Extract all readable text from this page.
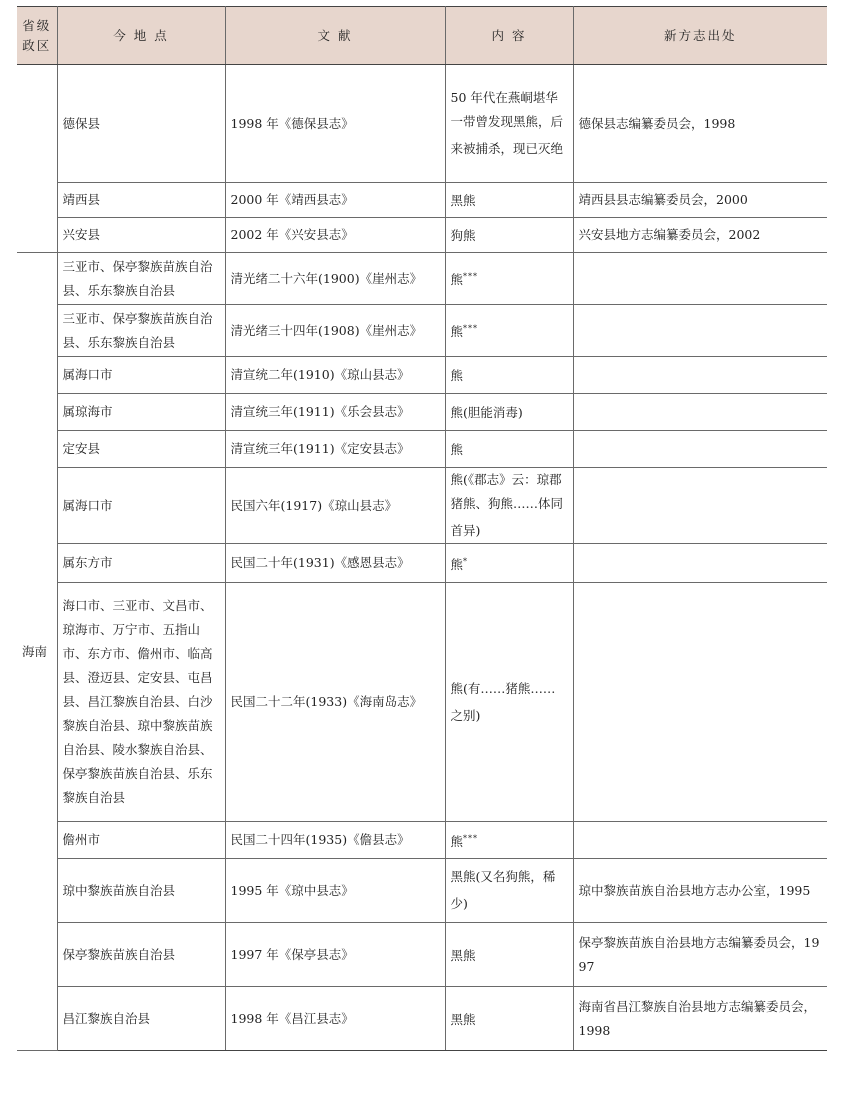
省级政区	今 地 点	文 献	内 容	新方志出处
	德保县	1998 年《德保县志》	50 年代在燕峒堪华一带曾发现黑熊，后来被捕杀，现已灭绝	德保县志编纂委员会，1998
	靖西县	2000 年《靖西县志》	黑熊	靖西县县志编纂委员会，2000
	兴安县	2002 年《兴安县志》	狗熊	兴安县地方志编纂委员会，2002
海南	三亚市、保亭黎族苗族自治县、乐东黎族自治县	清光绪二十六年(1900)《崖州志》	熊***	
	三亚市、保亭黎族苗族自治县、乐东黎族自治县	清光绪三十四年(1908)《崖州志》	熊***	
	属海口市	清宣统二年(1910)《琼山县志》	熊	
	属琼海市	清宣统三年(1911)《乐会县志》	熊(胆能消毒)	
	定安县	清宣统三年(1911)《定安县志》	熊	
	属海口市	民国六年(1917)《琼山县志》	熊(《郡志》云：琼郡猪熊、狗熊……体同首异)	
	属东方市	民国二十年(1931)《感恩县志》	熊*	
	海口市、三亚市、文昌市、琼海市、万宁市、五指山市、东方市、儋州市、临高县、澄迈县、定安县、屯昌县、昌江黎族自治县、白沙黎族自治县、琼中黎族苗族自治县、陵水黎族自治县、保亭黎族苗族自治县、乐东黎族自治县	民国二十二年(1933)《海南岛志》	熊(有……猪熊……之别)	
	儋州市	民国二十四年(1935)《儋县志》	熊***	
	琼中黎族苗族自治县	1995 年《琼中县志》	黑熊(又名狗熊，稀少)	琼中黎族苗族自治县地方志办公室，1995
	保亭黎族苗族自治县	1997 年《保亭县志》	黑熊	保亭黎族苗族自治县地方志编纂委员会，1997
	昌江黎族自治县	1998 年《昌江县志》	黑熊	海南省昌江黎族自治县地方志编纂委员会，1998
